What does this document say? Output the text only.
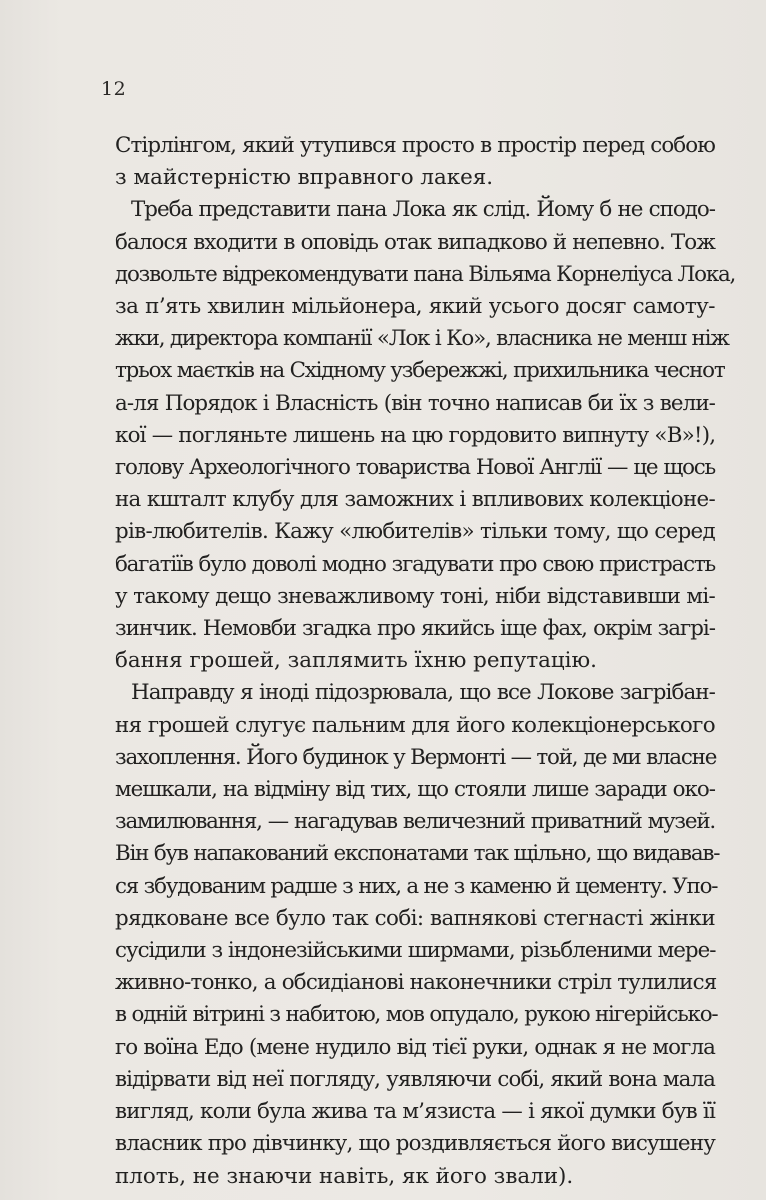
12
Стірлінгом, який утупився просто в простір перед собою
з майстерністю вправного лакея.
Треба представити пана Лока як слід. Йому б не сподо-
балося входити в оповідь отак випадково й непевно. Тож
дозвольте відрекомендувати пана Вільяма Корнеліуса Лока,
за п’ять хвилин мільйонера, який усього досяг самоту-
жки, директора компанії «Лок і Ко», власника не менш ніж
трьох маєтків на Східному узбережжі, прихильника чеснот
а-ля Порядок і Власність (він точно написав би їх з вели-
кої — погляньте лишень на цю гордовито випнуту «В»!),
голову Археологічного товариства Нової Англії — це щось
на кшталт клубу для заможних і впливових колекціоне-
рів-любителів. Кажу «любителів» тільки тому, що серед
багатіїв було доволі модно згадувати про свою пристрасть
у такому дещо зневажливому тоні, ніби відставивши мі-
зинчик. Немовби згадка про якийсь іще фах, окрім загрі-
бання грошей, заплямить їхню репутацію.
Направду я іноді підозрювала, що все Локове загрібан-
ня грошей слугує пальним для його колекціонерського
захоплення. Його будинок у Вермонті — той, де ми власне
мешкали, на відміну від тих, що стояли лише заради око-
замилювання, — нагадував величезний приватний музей.
Він був напакований експонатами так щільно, що видавав-
ся збудованим радше з них, а не з каменю й цементу. Упо-
рядковане все було так собі: вапнякові стегнасті жінки
сусідили з індонезійськими ширмами, різьбленими мере-
живно-тонко, а обсидіанові наконечники стріл тулилися
в одній вітрині з набитою, мов опудало, рукою нігерійсько-
го воїна Едо (мене нудило від тієї руки, однак я не могла
відірвати від неї погляду, уявляючи собі, який вона мала
вигляд, коли була жива та м’язиста — і якої думки був її
власник про дівчинку, що роздивляється його висушену
плоть, не знаючи навіть, як його звали).
